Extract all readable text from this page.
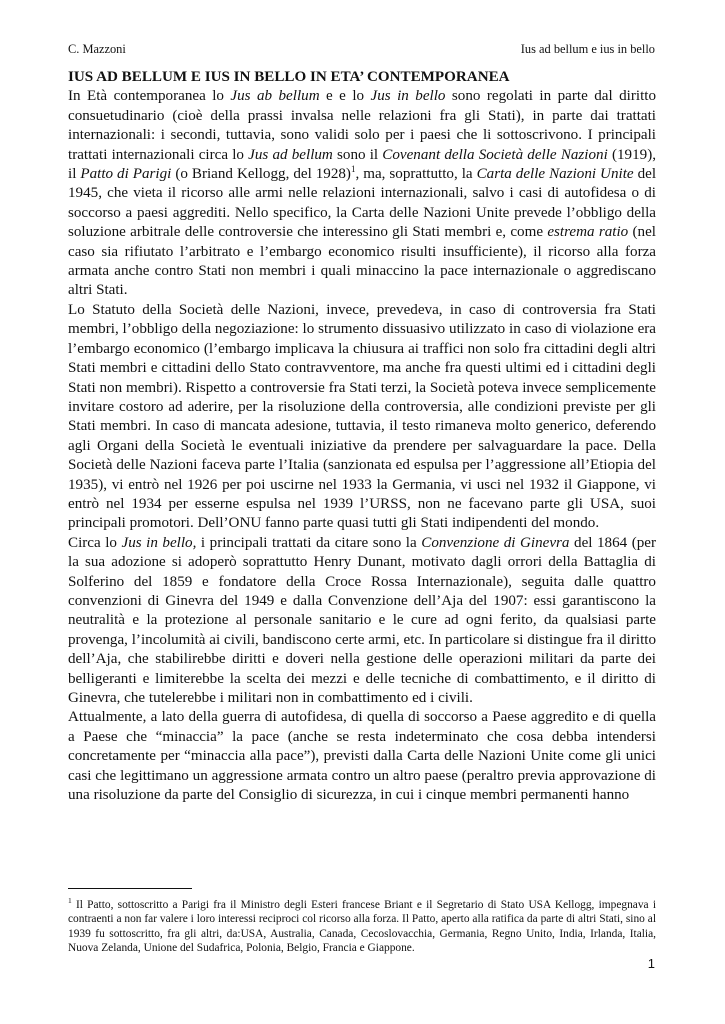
C. Mazzoni	Ius ad bellum e ius in bello
IUS AD BELLUM E IUS IN BELLO IN ETA’ CONTEMPORANEA

In Età contemporanea lo Jus ab bellum e e lo Jus in bello sono regolati in parte dal diritto consuetudinario (cioè della prassi invalsa nelle relazioni fra gli Stati), in parte dai trattati internazionali: i secondi, tuttavia, sono validi solo per i paesi che li sottoscrivono. I principali trattati internazionali circa lo Jus ad bellum sono il Covenant della Società delle Nazioni (1919), il Patto di Parigi (o Briand Kellogg, del 1928)$^1$, ma, soprattutto, la Carta delle Nazioni Unite del 1945, che vieta il ricorso alle armi nelle relazioni internazionali, salvo i casi di autofidesa o di soccorso a paesi aggrediti. Nello specifico, la Carta delle Nazioni Unite prevede l’obbligo della soluzione arbitrale delle controversie che interessino gli Stati membri e, come estrema ratio (nel caso sia rifiutato l’arbitrato e l’embargo economico risulti insufficiente), il ricorso alla forza armata anche contro Stati non membri i quali minaccino la pace internazionale o aggrediscano altri Stati.

Lo Statuto della Società delle Nazioni, invece, prevedeva, in caso di controversia fra Stati membri, l’obbligo della negoziazione: lo strumento dissuasivo utilizzato in caso di violazione era l’embargo economico (l’embargo implicava la chiusura ai traffici non solo fra cittadini degli altri Stati membri e cittadini dello Stato contravventore, ma anche fra questi ultimi ed i cittadini degli Stati non membri). Rispetto a controversie fra Stati terzi, la Società poteva invece semplicemente invitare costoro ad aderire, per la risoluzione della controversia, alle condizioni previste per gli Stati membri. In caso di mancata adesione, tuttavia, il testo rimaneva molto generico, deferendo agli Organi della Società le eventuali iniziative da prendere per salvaguardare la pace. Della Società delle Nazioni faceva parte l’Italia (sanzionata ed espulsa per l’aggressione all’Etiopia del 1935), vi entrò nel 1926 per poi uscirne nel 1933 la Germania, vi usci nel 1932 il Giappone, vi entrò nel 1934 per esserne espulsa nel 1939 l’URSS, non ne facevano parte gli USA, suoi principali promotori. Dell’ONU fanno parte quasi tutti gli Stati indipendenti del mondo.

Circa lo Jus in bello, i principali trattati da citare sono la Convenzione di Ginevra del 1864 (per la sua adozione si adoperò soprattutto Henry Dunant, motivato dagli orrori della Battaglia di Solferino del 1859 e fondatore della Croce Rossa Internazionale), seguita dalle quattro convenzioni di Ginevra del 1949 e dalla Convenzione dell’Aja del 1907: essi garantiscono la neutralità e la protezione al personale sanitario e le cure ad ogni ferito, da qualsiasi parte provenga, l’incolumità ai civili, bandiscono certe armi, etc. In particolare si distingue fra il diritto dell’Aja, che stabilirebbe diritti e doveri nella gestione delle operazioni militari da parte dei belligeranti e limiterebbe la scelta dei mezzi e delle tecniche di combattimento, e il diritto di Ginevra, che tutelerebbe i militari non in combattimento ed i civili.

Attualmente, a lato della guerra di autofidesa, di quella di soccorso a Paese aggredito e di quella a Paese che “minaccia” la pace (anche se resta indeterminato che cosa debba intendersi concretamente per “minaccia alla pace”), previsti dalla Carta delle Nazioni Unite come gli unici casi che legittimano un aggressione armata contro un altro paese (peraltro previa approvazione di una risoluzione da parte del Consiglio di sicurezza, in cui i cinque membri permanenti hanno

$^1$ Il Patto, sottoscritto a Parigi fra il Ministro degli Esteri francese Briant e il Segretario di Stato USA Kellogg, impegnava i contraenti a non far valere i loro interessi reciproci col ricorso alla forza. Il Patto, aperto alla ratifica da parte di altri Stati, sino al 1939 fu sottoscritto, fra gli altri, da:USA, Australia, Canada, Cecoslovacchia, Germania, Regno Unito, India, Irlanda, Italia, Nuova Zelanda, Unione del Sudafrica, Polonia, Belgio, Francia e Giappone.
1
